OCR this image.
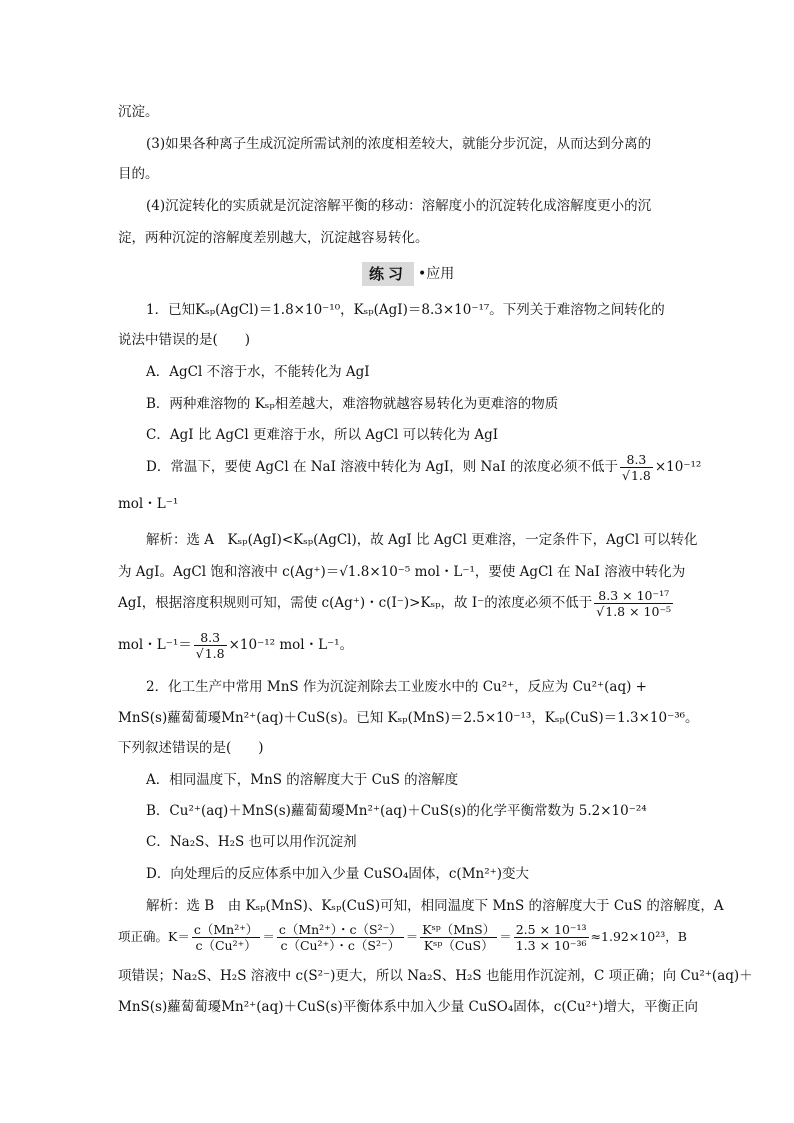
沉淀。
(3)如果各种离子生成沉淀所需试剂的浓度相差较大，就能分步沉淀，从而达到分离的
目的。
(4)沉淀转化的实质就是沉淀溶解平衡的移动：溶解度小的沉淀转化成溶解度更小的沉
淀，两种沉淀的溶解度差别越大，沉淀越容易转化。
练习 •应用
1．已知Kₛₚ(AgCl)＝1.8×10⁻¹⁰，Kₛₚ(AgI)＝8.3×10⁻¹⁷。下列关于难溶物之间转化的
说法中错误的是(　　)
A．AgCl 不溶于水，不能转化为 AgI
B．两种难溶物的 Kₛₚ相差越大，难溶物就越容易转化为更难溶的物质
C．AgI 比 AgCl 更难溶于水，所以 AgCl 可以转化为 AgI
D．常温下，要使 AgCl 在 NaI 溶液中转化为 AgI，则 NaI 的浓度必须不低于 $\frac{8.3}{√1.8} \times 10^{-12}$
mol・L⁻¹
解析：选 A　Kₛₚ(AgI)<Kₛₚ(AgCl)，故 AgI 比 AgCl 更难溶，一定条件下，AgCl 可以转化
为 AgI。AgCl 饱和溶液中 c(Ag⁺)＝√1.8×10⁻⁵ mol・L⁻¹，要使 AgCl 在 NaI 溶液中转化为
AgI，根据溶度积规则可知，需使 c(Ag⁺)・c(I⁻)>Kₛₚ，故 I⁻的浓度必须不低于 $\frac{\text{8.3 × 10⁻¹⁷}}{\text{√1.8 × 10⁻⁵}}$
mol・$L^{-1}= \frac{8.3}{√1.8} \times 10^{-12}$ mol・L⁻¹。
2．化工生产中常用 MnS 作为沉淀剂除去工业废水中的 Cu²⁺，反应为 Cu²⁺(aq) +
MnS(s)蘿蔔蔔瓇Mn²⁺(aq)＋CuS(s)。已知 Kₛₚ(MnS)＝2.5×10⁻¹³，Kₛₚ(CuS)＝1.3×10⁻³⁶。
下列叙述错误的是(　　)
A．相同温度下，MnS 的溶解度大于 CuS 的溶解度
B．Cu²⁺(aq)＋MnS(s)蘿蔔蔔瓇Mn²⁺(aq)＋CuS(s)的化学平衡常数为 5.2×10⁻²⁴
C．Na₂S、H₂S 也可以用作沉淀剂
D．向处理后的反应体系中加入少量 CuSO₄固体，c(Mn²⁺)变大
解析：选 B　由 Kₛₚ(MnS)、Kₛₚ(CuS)可知，相同温度下 MnS 的溶解度大于 CuS 的溶解度，A
项正确。$K= \frac{\text{c（Mn²⁺）}}{\text{c（Cu²⁺）}} = \frac{\text{c（Mn²⁺）・c（S²⁻）}}{\text{c（Cu²⁺）・c（S²⁻）}} = \frac{\text{Kˢᵖ（MnS）}}{\text{Kˢᵖ（CuS）}} = \frac{\text{2.5 × 10⁻¹³}}{\text{1.3 × 10⁻³⁶}} \approx 1.92\times 10^{23}$，B
项错误；Na₂S、H₂S 溶液中 c(S²⁻)更大，所以 Na₂S、H₂S 也能用作沉淀剂，C 项正确；向 Cu²⁺(aq)＋
MnS(s)蘿蔔蔔瓇Mn²⁺(aq)＋CuS(s)平衡体系中加入少量 CuSO₄固体，c(Cu²⁺)增大，平衡正向
